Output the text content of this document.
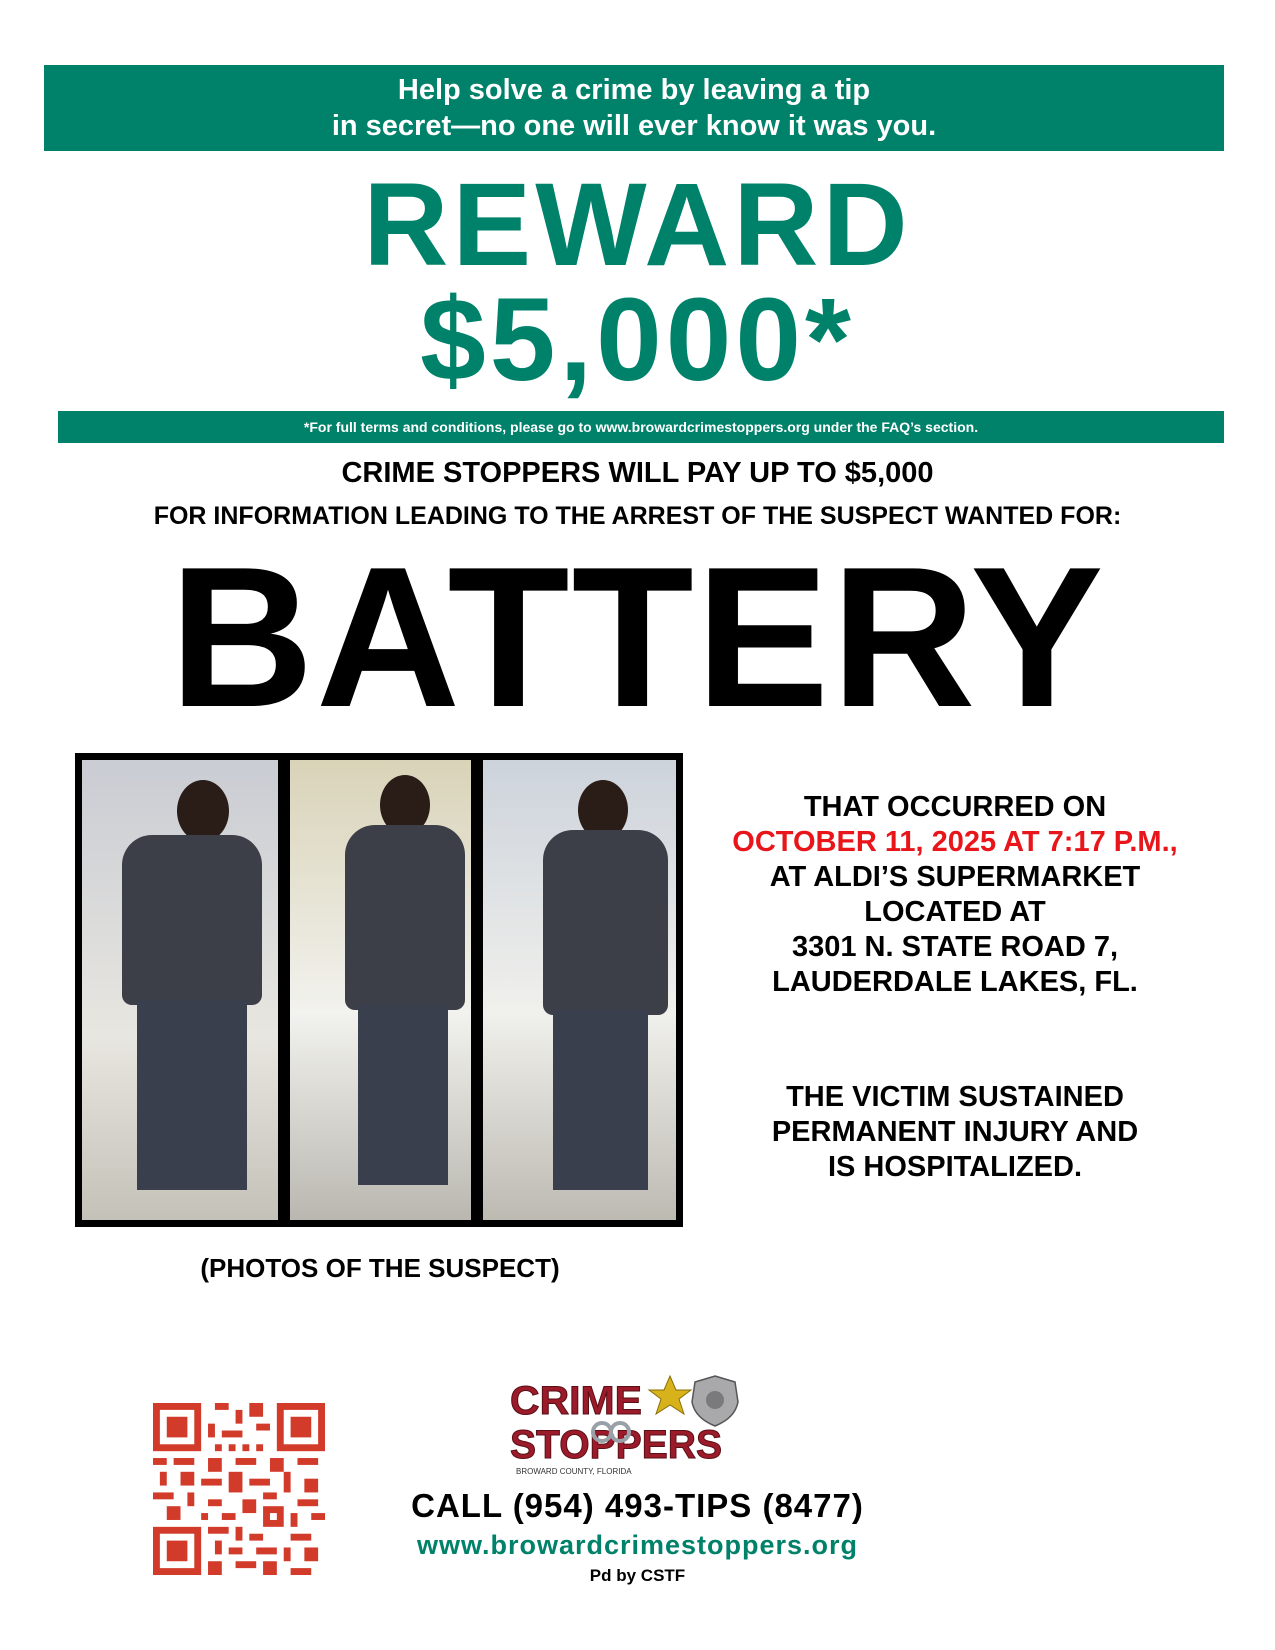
Help solve a crime by leaving a tip
in secret—no one will ever know it was you.
REWARD
$5,000*
*For full terms and conditions, please go to www.browardcrimestoppers.org under the FAQ’s section.
CRIME STOPPERS WILL PAY UP TO $5,000
FOR INFORMATION LEADING TO THE ARREST OF THE SUSPECT WANTED FOR:
BATTERY
(PHOTOS OF THE SUSPECT)
THAT OCCURRED ON
OCTOBER 11, 2025 AT 7:17 P.M.,
AT ALDI’S SUPERMARKET
LOCATED AT
3301 N. STATE ROAD 7,
LAUDERDALE LAKES, FL.
THE VICTIM SUSTAINED
PERMANENT INJURY AND
IS HOSPITALIZED.
CRIME
STOPPERS
BROWARD COUNTY, FLORIDA
CALL (954) 493-TIPS (8477)
www.browardcrimestoppers.org
Pd by CSTF
